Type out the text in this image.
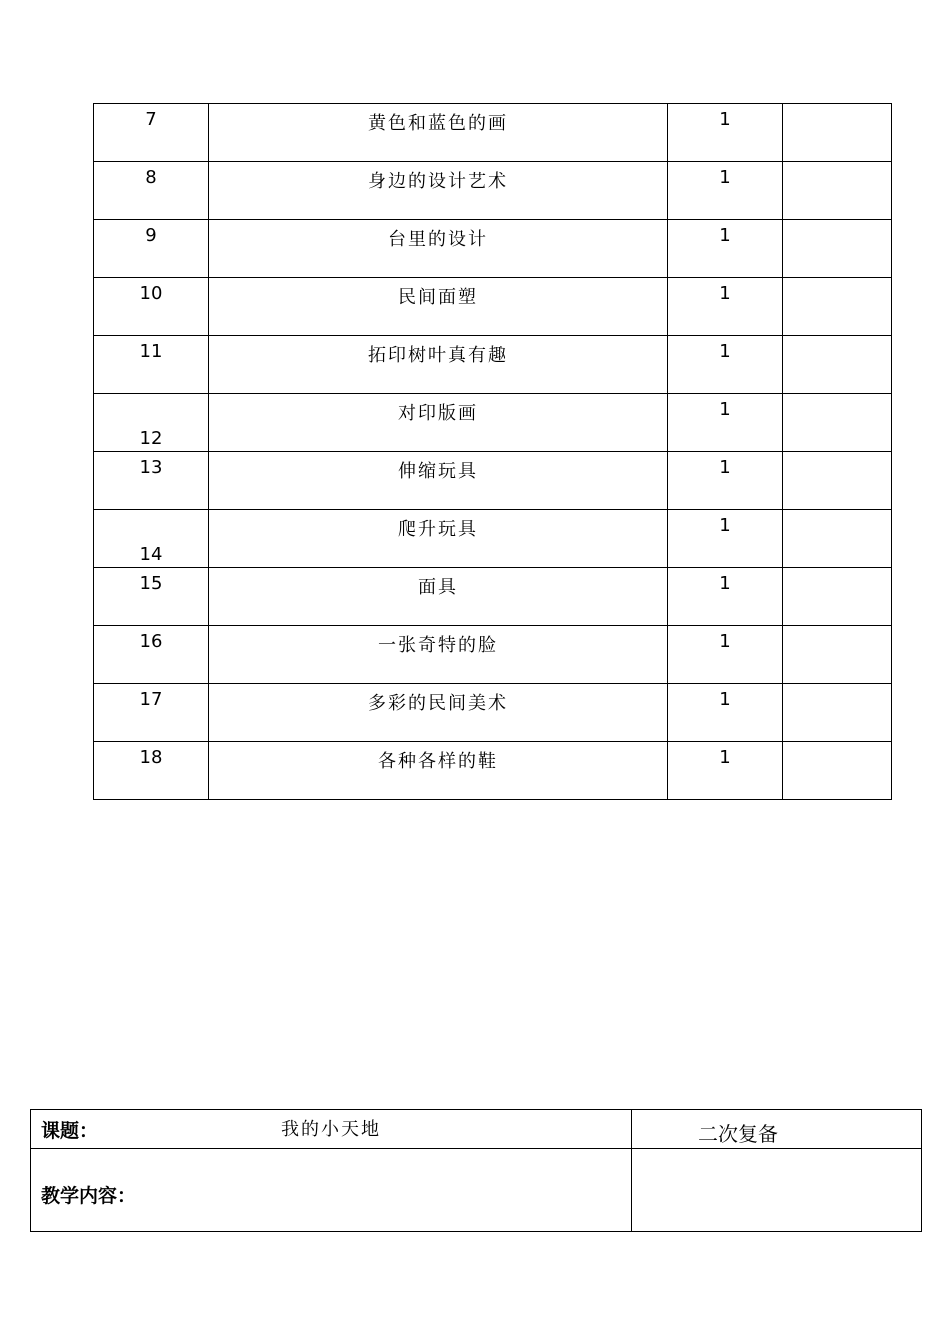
7	黄色和蓝色的画	1	
8	身边的设计艺术	1	
9	台里的设计	1	
10	民间面塑	1	
11	拓印树叶真有趣	1	
12	对印版画	1	
13	伸缩玩具	1	
14	爬升玩具	1	
15	面具	1	
16	一张奇特的脸	1	
17	多彩的民间美术	1	
18	各种各样的鞋	1	
课题： 我的小天地	二次复备

教学内容：	
